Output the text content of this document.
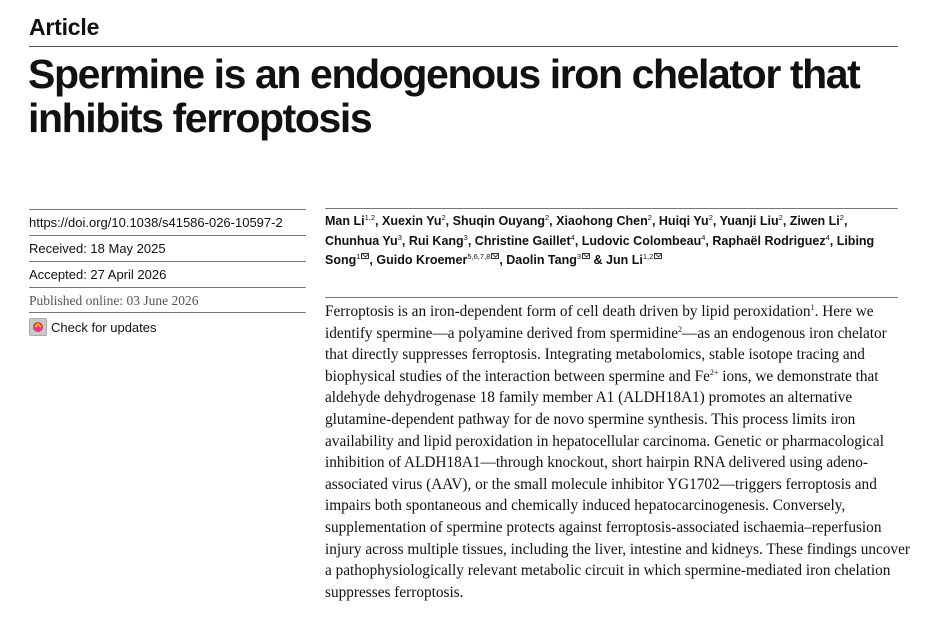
Article
Spermine is an endogenous iron chelator that inhibits ferroptosis
https://doi.org/10.1038/s41586-026-10597-2
Received: 18 May 2025
Accepted: 27 April 2026
Published online: 03 June 2026
Check for updates
Man Li$^{1,2}$, Xuexin Yu$^2$, Shuqin Ouyang$^2$, Xiaohong Chen$^2$, Huiqi Yu$^2$, Yuanji Liu$^2$, Ziwen Li$^2$, Chunhua Yu$^3$, Rui Kang$^3$, Christine Gaillet$^4$, Ludovic Colombeau$^4$, Raphaël Rodriguez$^4$, Libing Song$^1$ , Guido Kroemer$^{5,6,7,8}$ , Daolin Tang$^3$ & Jun Li$^{1,2}$

Ferroptosis is an iron-dependent form of cell death driven by lipid peroxidation$^1$. Here we identify spermine—a polyamine derived from spermidine$^2$—as an endogenous iron chelator that directly suppresses ferroptosis. Integrating metabolomics, stable isotope tracing and biophysical studies of the interaction between spermine and $Fe^{2+}$ ions, we demonstrate that aldehyde dehydrogenase 18 family member A1 (ALDH18A1) promotes an alternative glutamine-dependent pathway for de novo spermine synthesis. This process limits iron availability and lipid peroxidation in hepatocellular carcinoma. Genetic or pharmacological inhibition of ALDH18A1—through knockout, short hairpin RNA delivered using adeno-associated virus (AAV), or the small molecule inhibitor YG1702—triggers ferroptosis and impairs both spontaneous and chemically induced hepatocarcinogenesis. Conversely, supplementation of spermine protects against ferroptosis-associated ischaemia–reperfusion injury across multiple tissues, including the liver, intestine and kidneys. These findings uncover a pathophysiologically relevant metabolic circuit in which spermine-mediated iron chelation suppresses ferroptosis.
